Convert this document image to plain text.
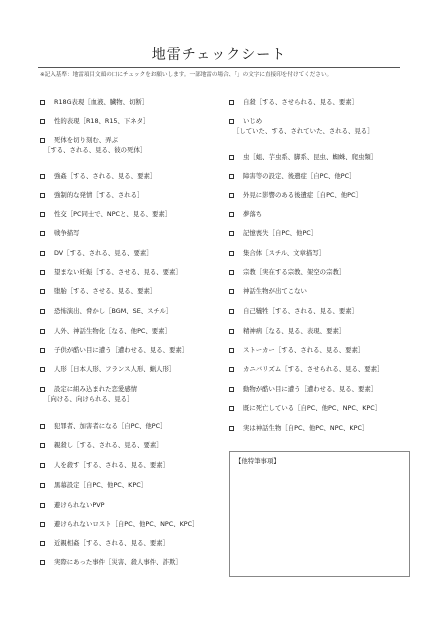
地雷チェックシート
※記入基準：地雷項目文頭の口にチェックをお願いします。一部地雷の場合、「」の文字に直接印を付けてください。
R18G表現［血液、臓物、切断］
性的表現［R18、R15、下ネタ］
死体を切り刻む、弄ぶ
［する、される、見る、彼の死体］
強姦［する、される、見る、要素］
強制的な発情［する、される］
性交［PC同士で、NPCと、見る、要素］
戦争描写
DV［する、される、見る、要素］
望まない妊娠［する、させる、見る、要素］
堕胎［する、させる、見る、要素］
恐怖演出、脅かし［BGM、SE、スチル］
人外、神話生物化［なる、他PC、要素］
子供が酷い目に遭う［遭わせる、見る、要素］
人形［日本人形、フランス人形、蝋人形］
設定に組み込まれた恋愛感情
［向ける、向けられる、見る］
犯罪者、加害者になる［自PC、他PC］
親殺し［する、される、見る、要素］
人を殺す［する、される、見る、要素］
黒幕設定［自PC、他PC、KPC］
避けられないPVP
避けられないロスト［自PC、他PC、NPC、KPC］
近親相姦［する、される、見る、要素］
実際にあった事件［災害、殺人事件、詐欺］
自殺［する、させられる、見る、要素］
いじめ
［していた、する、されていた、される、見る］
虫［蛆、芋虫系、脚系、昆虫、蜘蛛、爬虫類］
障害等の設定、後遺症［自PC、他PC］
外見に影響のある後遺症［自PC、他PC］
夢落ち
記憶喪失［自PC、他PC］
集合体［スチル、文章描写］
宗教［実在する宗教、架空の宗教］
神話生物が出てこない
自己犠牲［する、される、見る、要素］
精神病［なる、見る、表現、要素］
ストーカー［する、される、見る、要素］
カニバリズム［する、させられる、見る、要素］
動物が酷い目に遭う［遭わせる、見る、要素］
既に死亡している［自PC、他PC、NPC、KPC］
実は神話生物［自PC、他PC、NPC、KPC］
【他特筆事項】
